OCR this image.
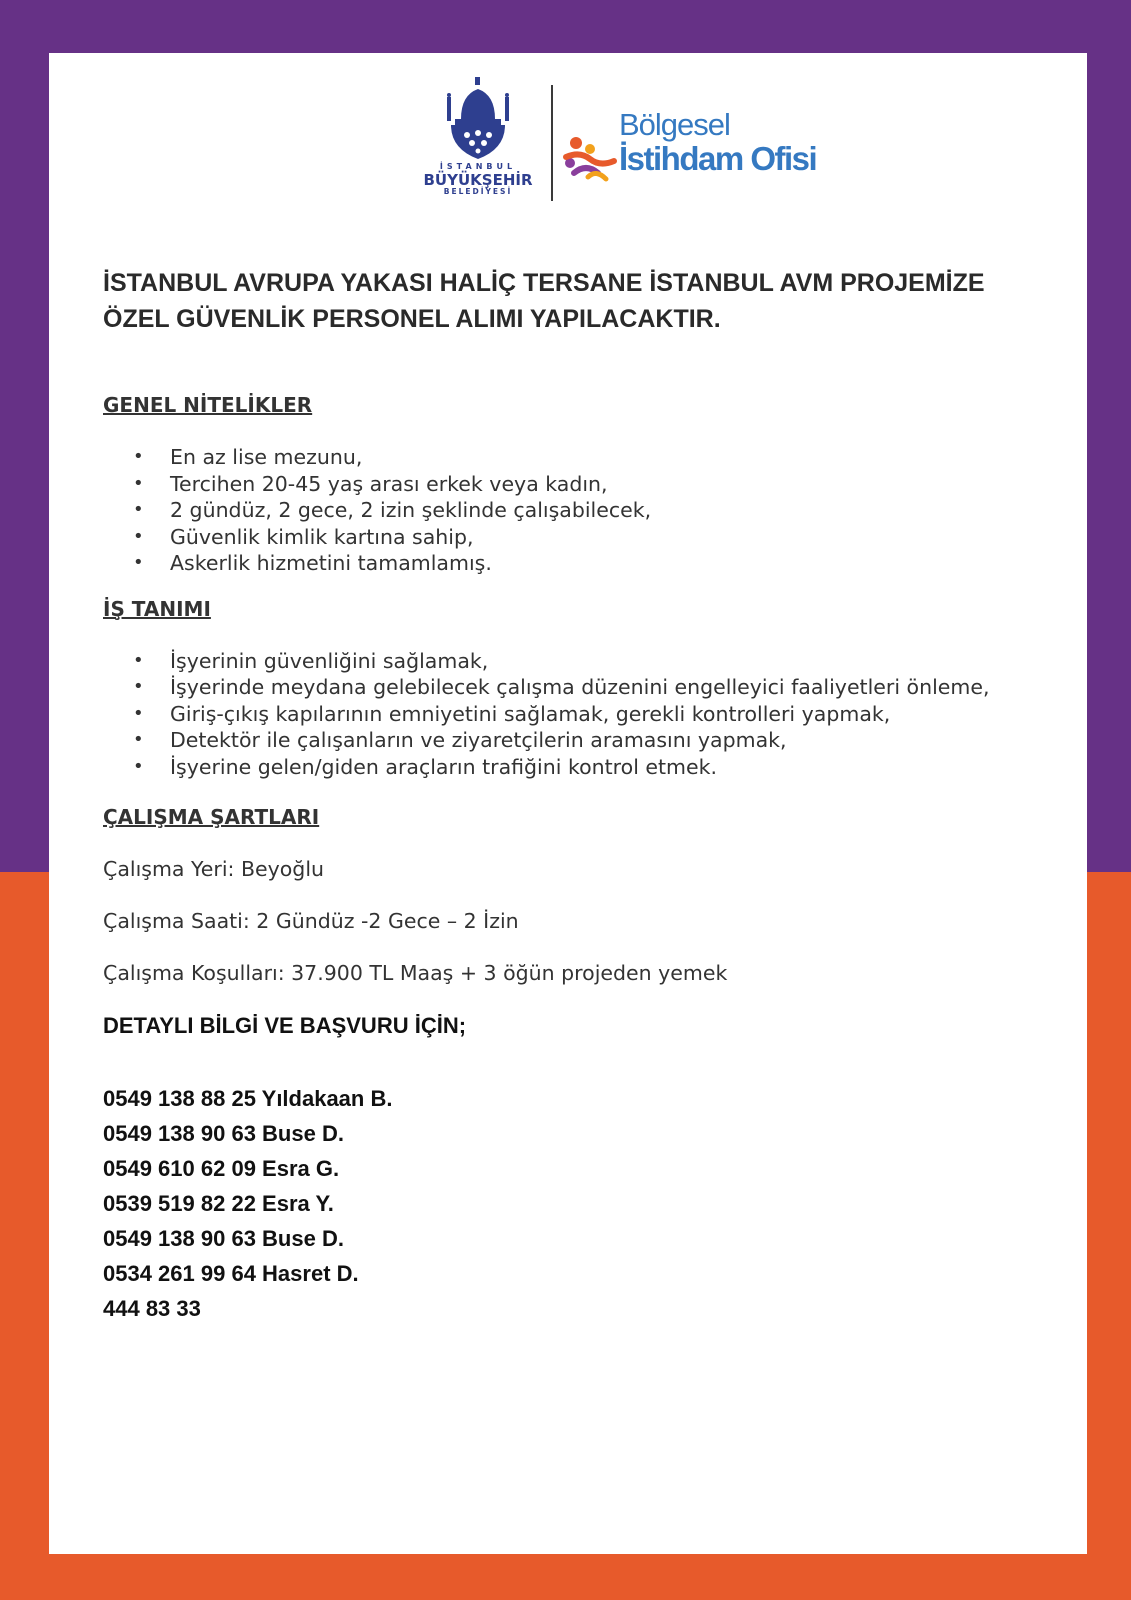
İSTANBUL
BÜYÜKŞEHİR
BELEDİYESİ
Bölgesel
İstihdam Ofisi

İSTANBUL AVRUPA YAKASI HALİÇ TERSANE İSTANBUL AVM PROJEMİZE
ÖZEL GÜVENLİK PERSONEL ALIMI YAPILACAKTIR.

GENEL NİTELİKLER

• En az lise mezunu,
• Tercihen 20-45 yaş arası erkek veya kadın,
• 2 gündüz, 2 gece, 2 izin şeklinde çalışabilecek,
• Güvenlik kimlik kartına sahip,
• Askerlik hizmetini tamamlamış.

İŞ TANIMI

• İşyerinin güvenliğini sağlamak,
• İşyerinde meydana gelebilecek çalışma düzenini engelleyici faaliyetleri önleme,
• Giriş-çıkış kapılarının emniyetini sağlamak, gerekli kontrolleri yapmak,
• Detektör ile çalışanların ve ziyaretçilerin aramasını yapmak,
• İşyerine gelen/giden araçların trafiğini kontrol etmek.

ÇALIŞMA ŞARTLARI

Çalışma Yeri: Beyoğlu

Çalışma Saati: 2 Gündüz -2 Gece – 2 İzin

Çalışma Koşulları: 37.900 TL Maaş + 3 öğün projeden yemek

DETAYLI BİLGİ VE BAŞVURU İÇİN;

0549 138 88 25 Yıldakaan B.

0549 138 90 63 Buse D.

0549 610 62 09 Esra G.

0539 519 82 22 Esra Y.

0549 138 90 63 Buse D.

0534 261 99 64 Hasret D.

444 83 33
